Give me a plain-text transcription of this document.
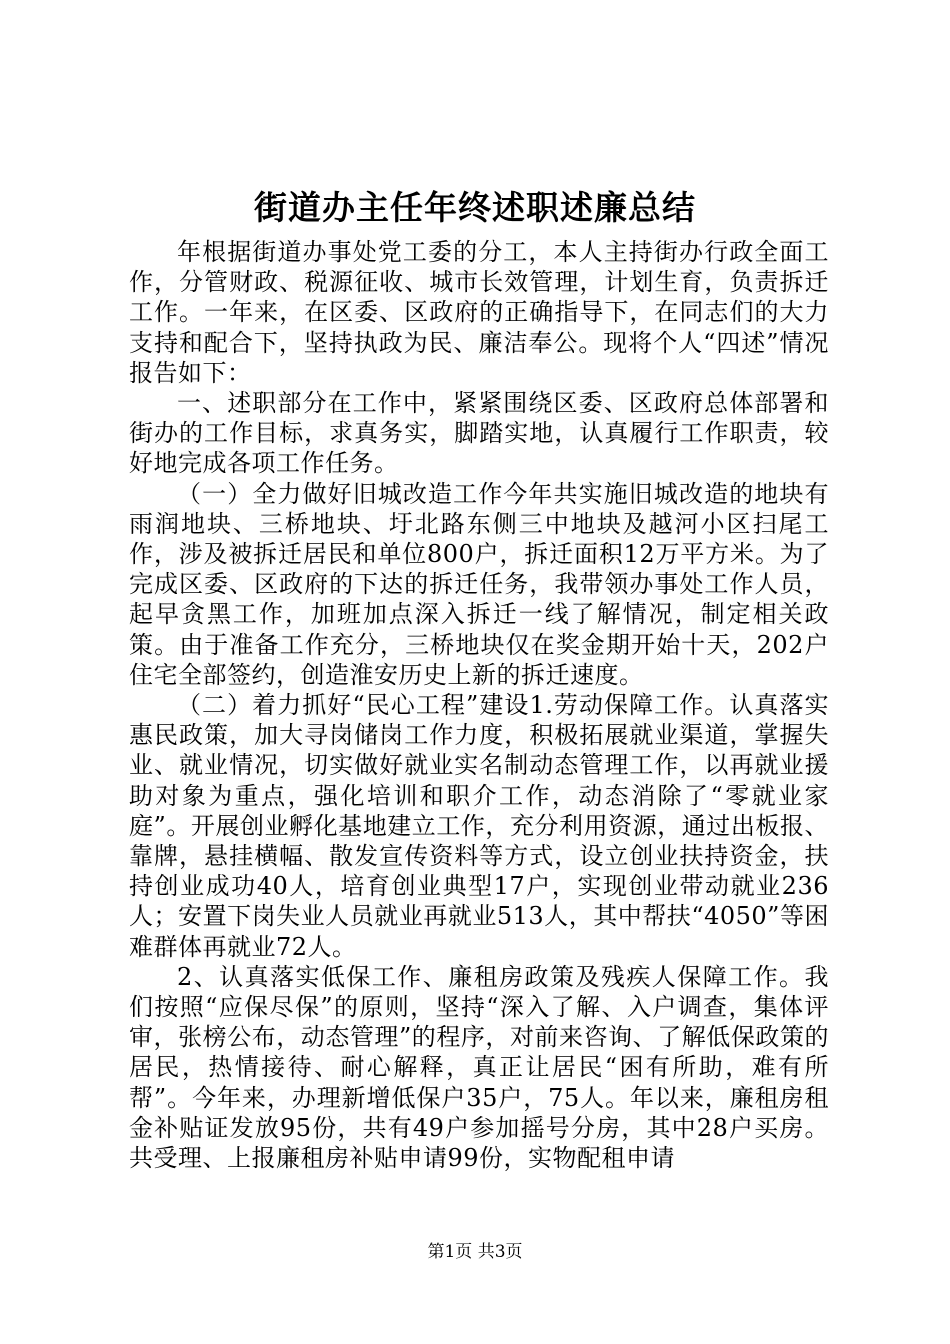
街道办主任年终述职述廉总结

年根据街道办事处党工委的分工，本人主持街办行政全面工作，分管财政、税源征收、城市长效管理，计划生育，负责拆迁工作。一年来，在区委、区政府的正确指导下，在同志们的大力支持和配合下，坚持执政为民、廉洁奉公。现将个人“四述”情况报告如下：

一、述职部分在工作中，紧紧围绕区委、区政府总体部署和街办的工作目标，求真务实，脚踏实地，认真履行工作职责，较好地完成各项工作任务。

（一）全力做好旧城改造工作今年共实施旧城改造的地块有雨润地块、三桥地块、圩北路东侧三中地块及越河小区扫尾工作，涉及被拆迁居民和单位800户，拆迁面积12万平方米。为了完成区委、区政府的下达的拆迁任务，我带领办事处工作人员，起早贪黑工作，加班加点深入拆迁一线了解情况，制定相关政策。由于准备工作充分，三桥地块仅在奖金期开始十天，202户住宅全部签约，创造淮安历史上新的拆迁速度。

（二）着力抓好“民心工程”建设1.劳动保障工作。认真落实惠民政策，加大寻岗储岗工作力度，积极拓展就业渠道，掌握失业、就业情况，切实做好就业实名制动态管理工作，以再就业援助对象为重点，强化培训和职介工作，动态消除了“零就业家庭”。开展创业孵化基地建立工作，充分利用资源，通过出板报、靠牌，悬挂横幅、散发宣传资料等方式，设立创业扶持资金，扶持创业成功40人，培育创业典型17户，实现创业带动就业236人；安置下岗失业人员就业再就业513人，其中帮扶“4050”等困难群体再就业72人。

2、认真落实低保工作、廉租房政策及残疾人保障工作。我们按照“应保尽保”的原则，坚持“深入了解、入户调查，集体评审，张榜公布，动态管理”的程序，对前来咨询、了解低保政策的居民，热情接待、耐心解释，真正让居民“困有所助，难有所帮”。今年来，办理新增低保户35户，75人。年以来，廉租房租金补贴证发放95份，共有49户参加摇号分房，其中28户买房。共受理、上报廉租房补贴申请99份，实物配租申请

第1页 共3页
